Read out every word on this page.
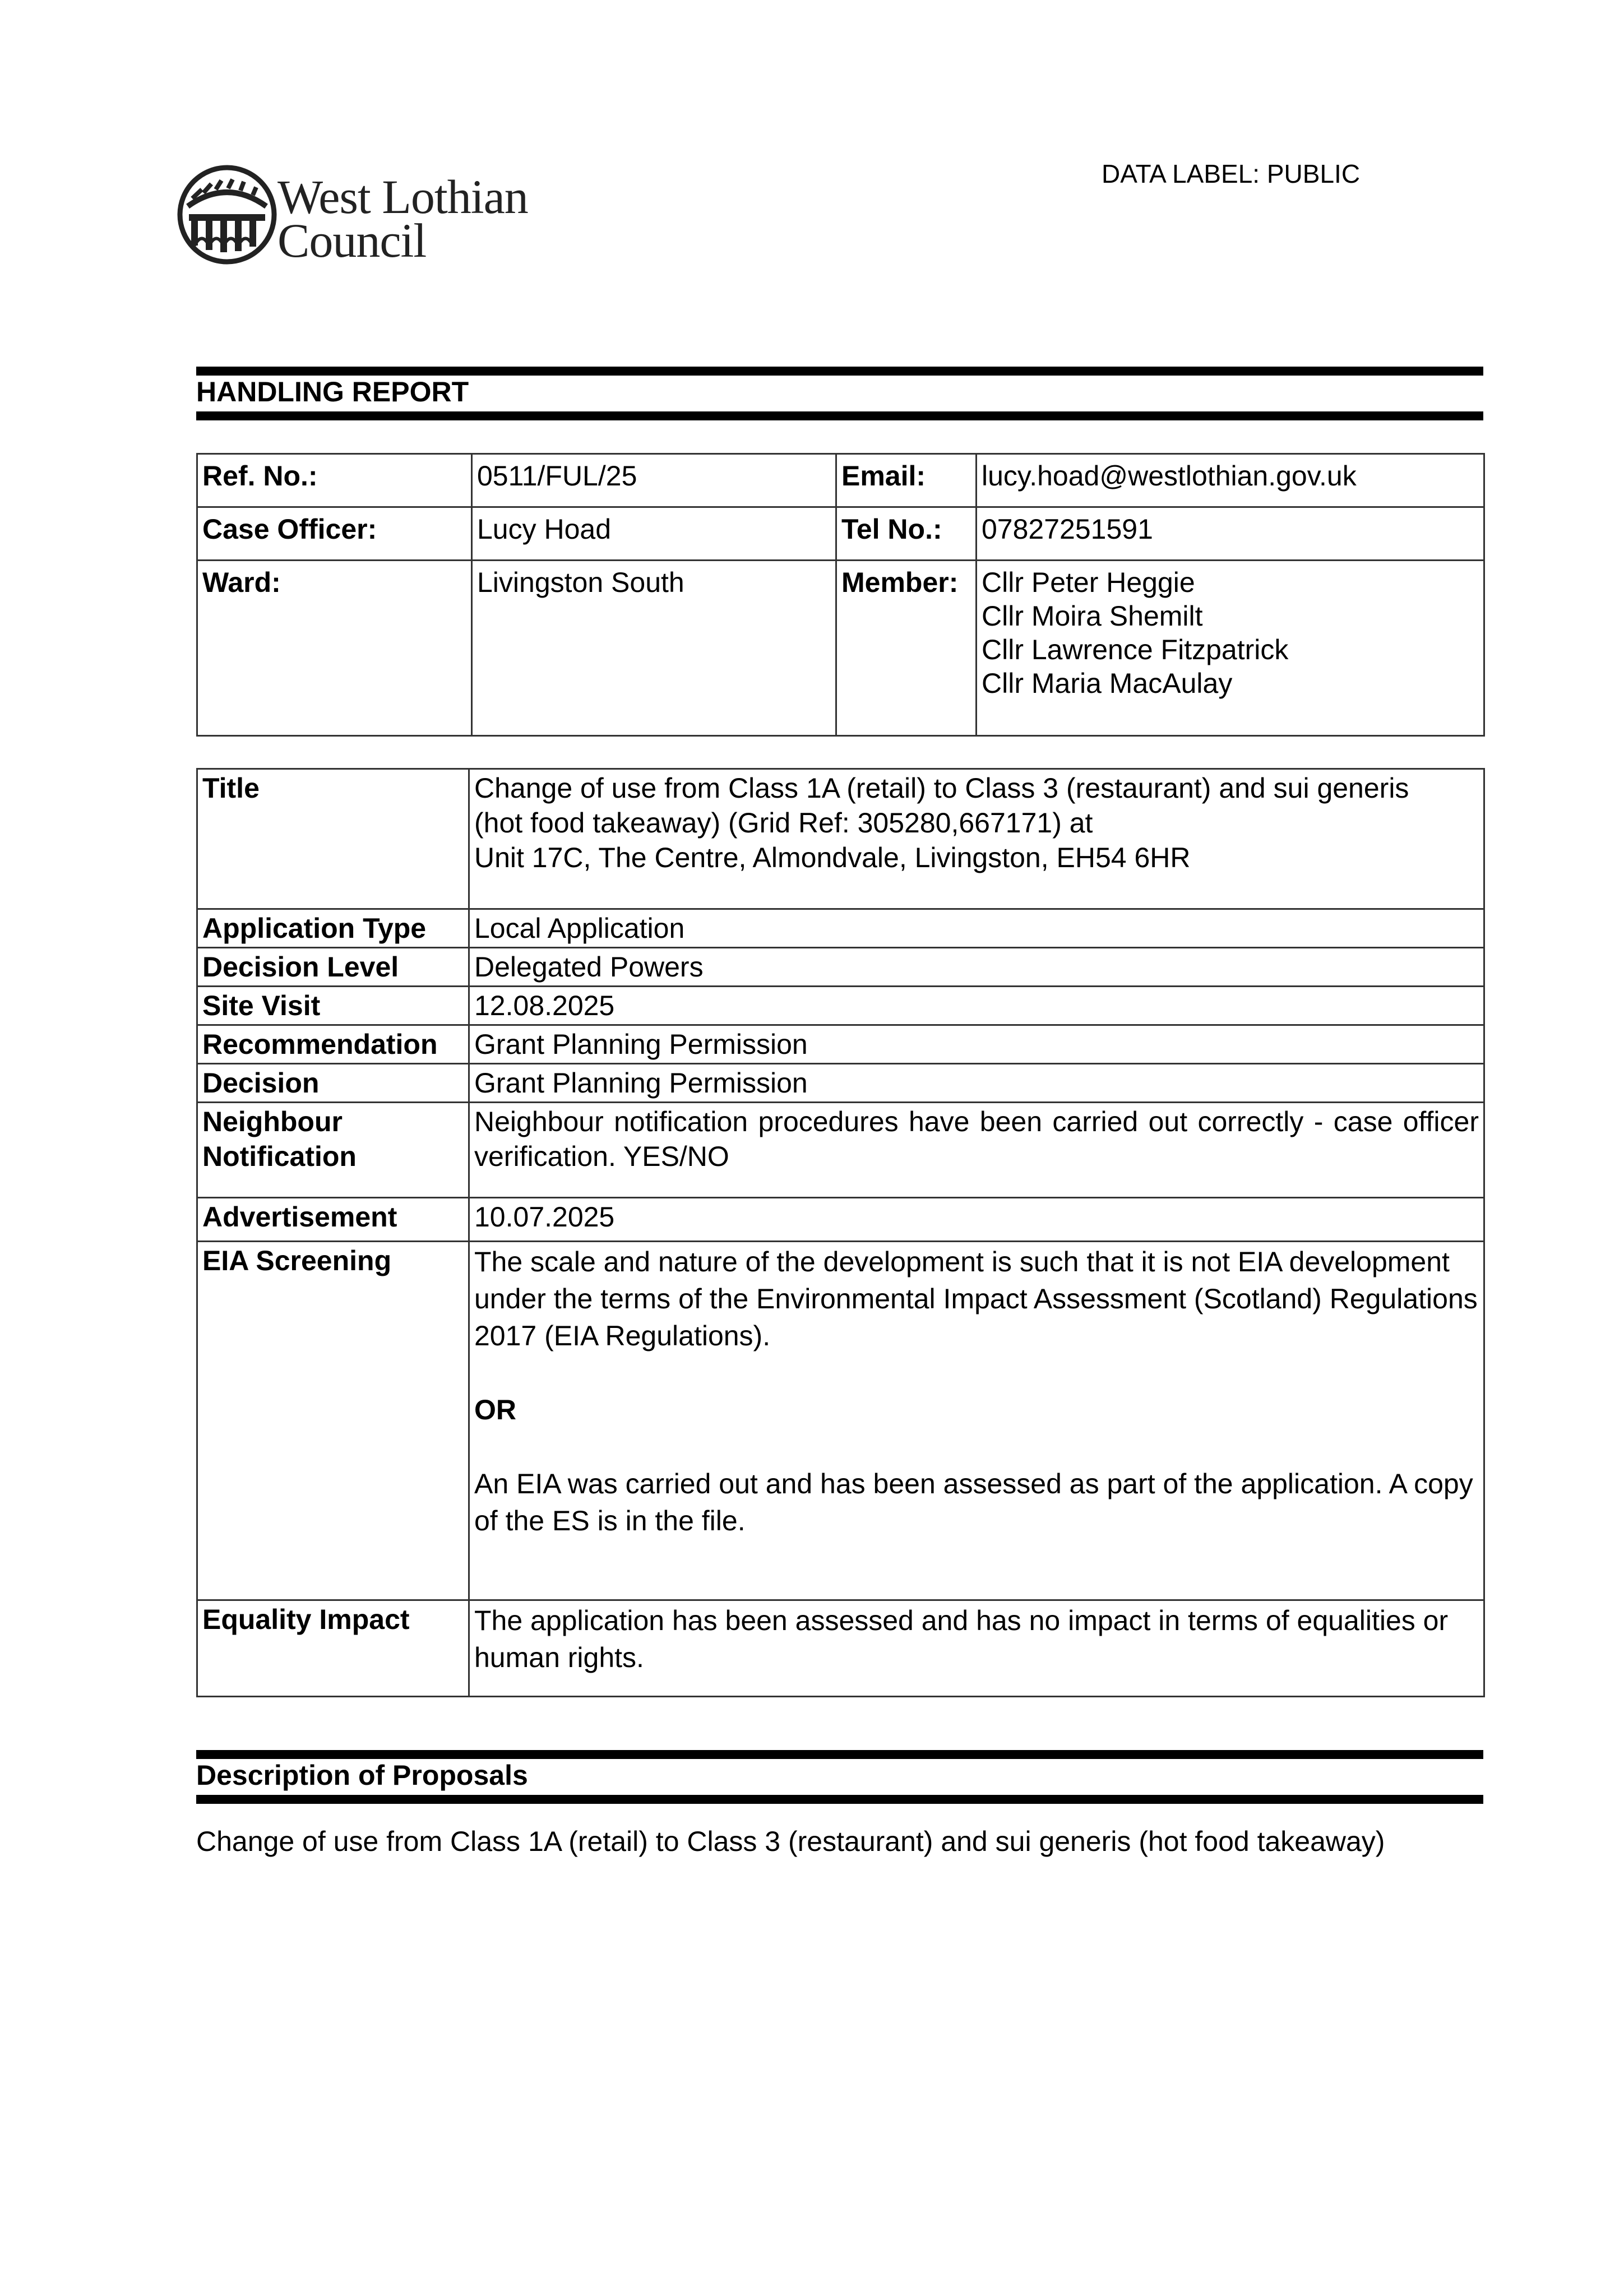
West Lothian
Council
DATA LABEL: PUBLIC
HANDLING REPORT
Ref. No.:	0511/FUL/25	Email:	lucy.hoad@westlothian.gov.uk
Case Officer:	Lucy Hoad	Tel No.:	07827251591
Ward:	Livingston South	Member:	Cllr Peter Heggie
Cllr Moira Shemilt
Cllr Lawrence Fitzpatrick
Cllr Maria MacAulay
Title	Change of use from Class 1A (retail) to Class 3 (restaurant) and sui generis
(hot food takeaway) (Grid Ref: 305280,667171) at
Unit 17C, The Centre, Almondvale, Livingston, EH54 6HR

Application Type	Local Application
Decision Level	Delegated Powers
Site Visit	12.08.2025
Recommendation	Grant Planning Permission
Decision	Grant Planning Permission

Neighbour
Notification	Neighbour notification procedures have been carried out correctly - case officer verification. YES/NO
Advertisement	10.07.2025
EIA Screening	The scale and nature of the development is such that it is not EIA development under the terms of the Environmental Impact Assessment (Scotland) Regulations 2017 (EIA Regulations).

OR

An EIA was carried out and has been assessed as part of the application. A copy of the ES is in the file.

Equality Impact	The application has been assessed and has no impact in terms of equalities or human rights.
Description of Proposals
Change of use from Class 1A (retail) to Class 3 (restaurant) and sui generis (hot food takeaway)
